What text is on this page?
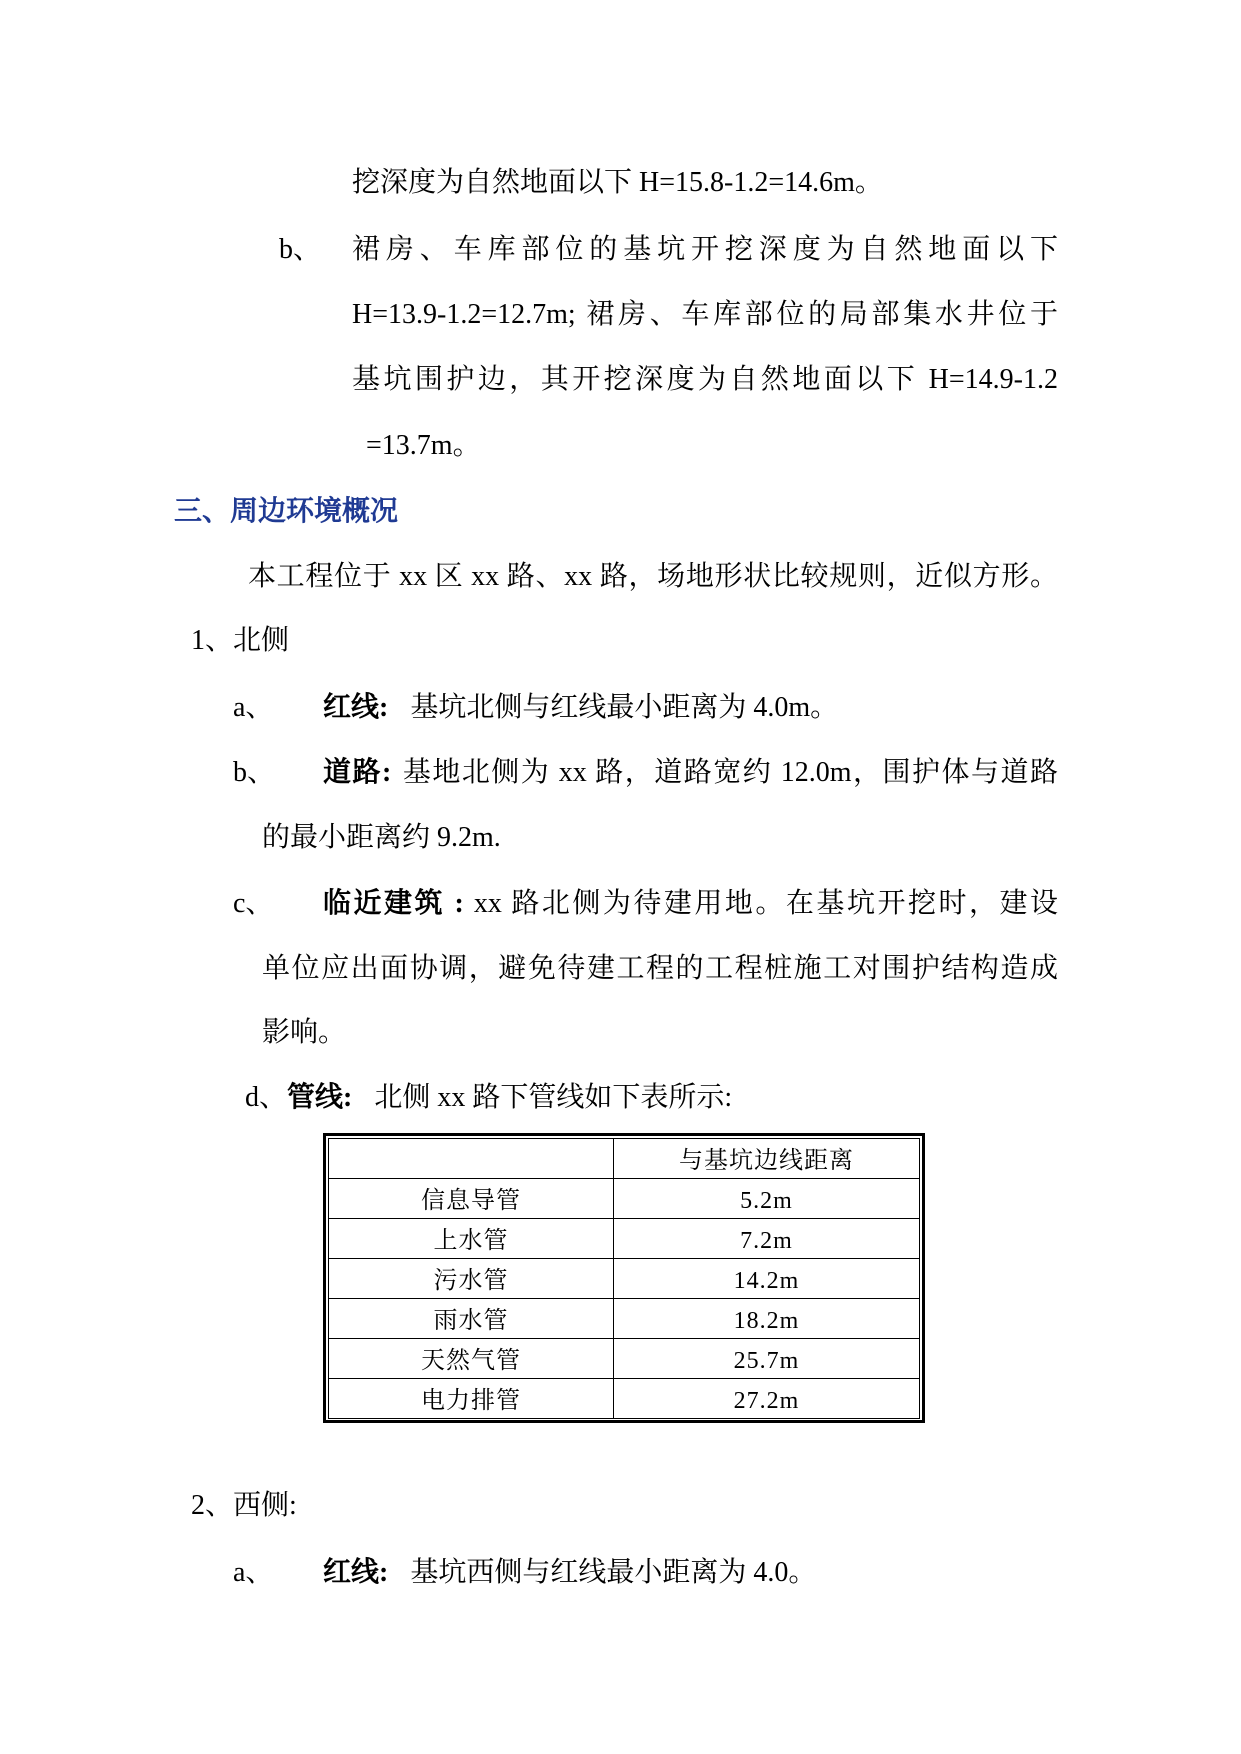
挖深度为自然地面以下 H=15.8-1.2=14.6m。
b、 裙房、车库部位的基坑开挖深度为自然地面以下
H=13.9-1.2=12.7m; 裙房、车库部位的局部集水井位于
基坑围护边，其开挖深度为自然地面以下 H=14.9-1.2
=13.7m。
三、周边环境概况
本工程位于 xx 区 xx 路、xx 路，场地形状比较规则，近似方形。
1、北侧
a、 红线: 基坑北侧与红线最小距离为 4.0m。
b、 道路: 基地北侧为 xx 路，道路宽约 12.0m，围护体与道路
的最小距离约 9.2m.
c、 临近建筑 : xx 路北侧为待建用地。在基坑开挖时，建设
单位应出面协调，避免待建工程的工程桩施工对围护结构造成
影响。
d、管线: 北侧 xx 路下管线如下表所示:
	与基坑边线距离
信息导管	5.2m
上水管	7.2m
污水管	14.2m
雨水管	18.2m
天然气管	25.7m
电力排管	27.2m
2、西侧:
a、 红线: 基坑西侧与红线最小距离为 4.0。
